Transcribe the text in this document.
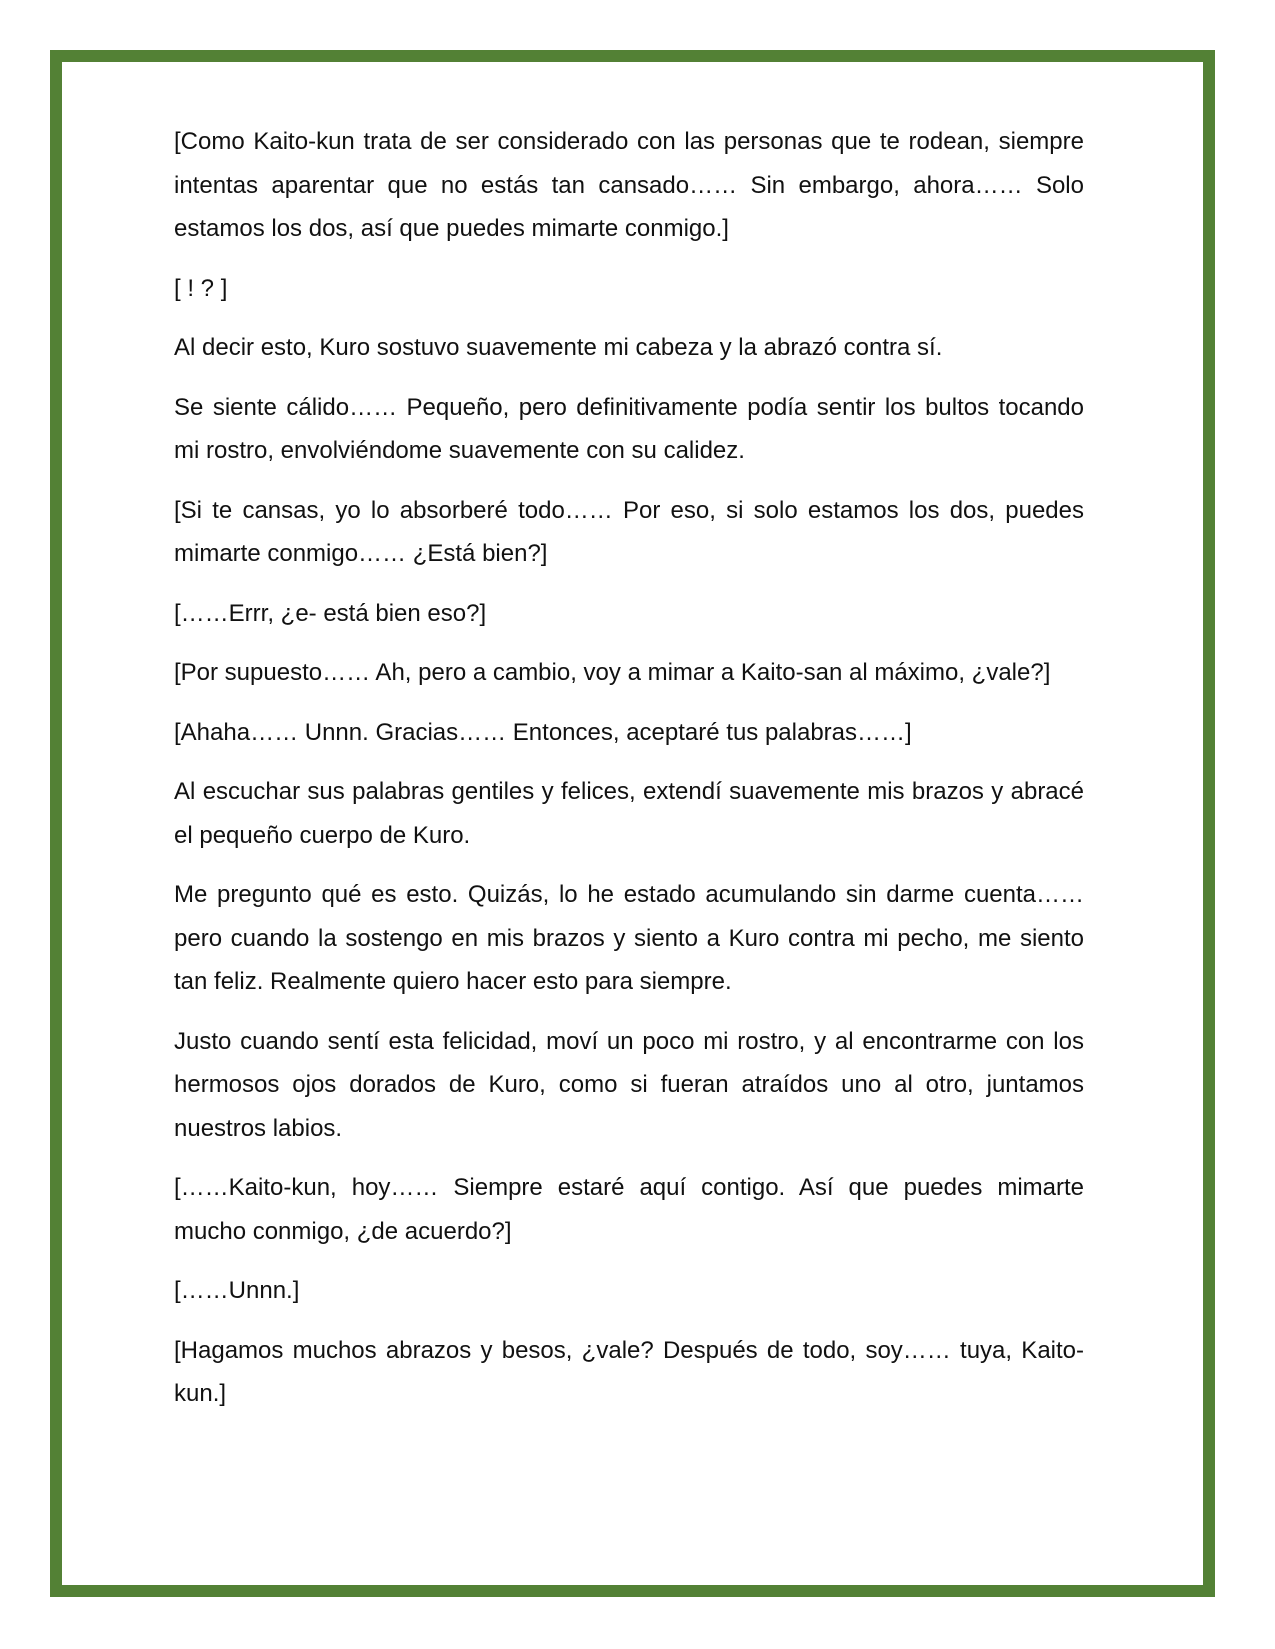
[Como Kaito-kun trata de ser considerado con las personas que te rodean, siempre intentas aparentar que no estás tan cansado…… Sin embargo, ahora…… Solo estamos los dos, así que puedes mimarte conmigo.]

[ ! ? ]

Al decir esto, Kuro sostuvo suavemente mi cabeza y la abrazó contra sí.

Se siente cálido…… Pequeño, pero definitivamente podía sentir los bultos tocando mi rostro, envolviéndome suavemente con su calidez.

[Si te cansas, yo lo absorberé todo…… Por eso, si solo estamos los dos, puedes mimarte conmigo…… ¿Está bien?]

[……Errr, ¿e- está bien eso?]

[Por supuesto…… Ah, pero a cambio, voy a mimar a Kaito-san al máximo, ¿vale?]

[Ahaha…… Unnn. Gracias…… Entonces, aceptaré tus palabras……]

Al escuchar sus palabras gentiles y felices, extendí suavemente mis brazos y abracé el pequeño cuerpo de Kuro.

Me pregunto qué es esto. Quizás, lo he estado acumulando sin darme cuenta…… pero cuando la sostengo en mis brazos y siento a Kuro contra mi pecho, me siento tan feliz. Realmente quiero hacer esto para siempre.

Justo cuando sentí esta felicidad, moví un poco mi rostro, y al encontrarme con los hermosos ojos dorados de Kuro, como si fueran atraídos uno al otro, juntamos nuestros labios.

[……Kaito-kun, hoy…… Siempre estaré aquí contigo. Así que puedes mimarte mucho conmigo, ¿de acuerdo?]

[……Unnn.]

[Hagamos muchos abrazos y besos, ¿vale? Después de todo, soy…… tuya, Kaito-kun.]
